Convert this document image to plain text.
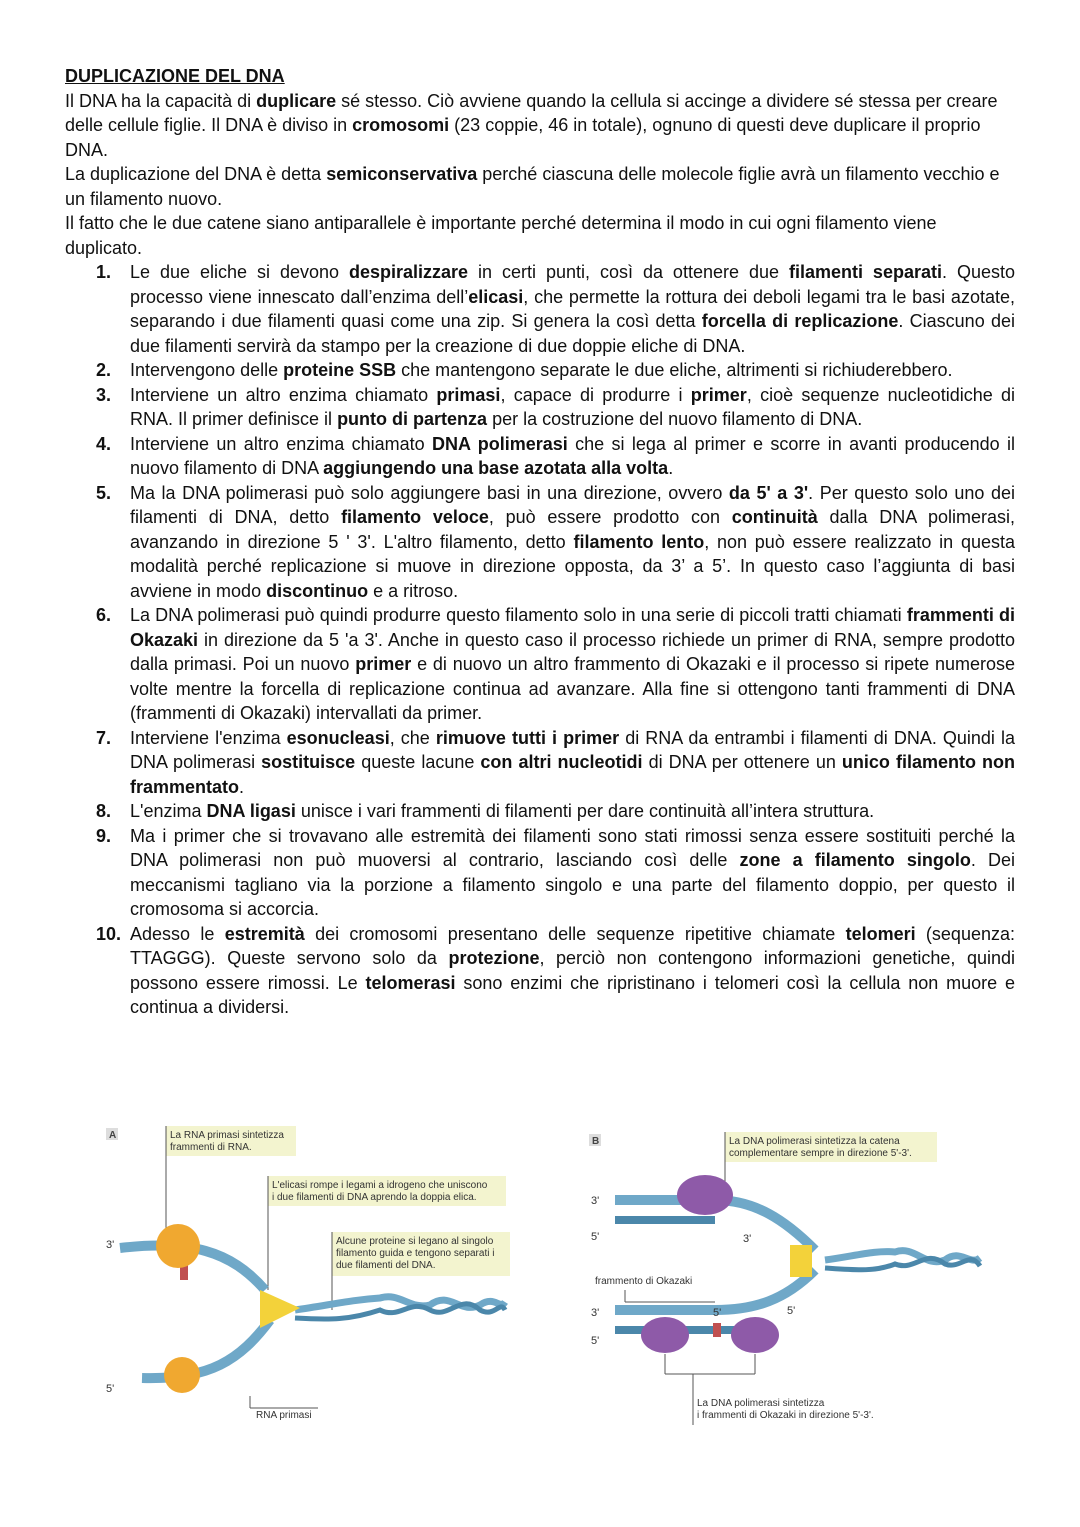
DUPLICAZIONE DEL DNA

Il DNA ha la capacità di duplicare sé stesso. Ciò avviene quando la cellula si accinge a dividere sé stessa per creare delle cellule figlie. Il DNA è diviso in cromosomi (23 coppie, 46 in totale), ognuno di questi deve duplicare il proprio DNA.

La duplicazione del DNA è detta semiconservativa perché ciascuna delle molecole figlie avrà un filamento vecchio e un filamento nuovo.

Il fatto che le due catene siano antiparallele è importante perché determina il modo in cui ogni filamento viene duplicato.

1.	Le due eliche si devono despiralizzare in certi punti, così da ottenere due filamenti separati. Questo processo viene innescato dall’enzima dell’elicasi, che permette la rottura dei deboli legami tra le basi azotate, separando i due filamenti quasi come una zip. Si genera la così detta forcella di replicazione. Ciascuno dei due filamenti servirà da stampo per la creazione di due doppie eliche di DNA.
2.	Intervengono delle proteine SSB che mantengono separate le due eliche, altrimenti si richiuderebbero.
3.	Interviene un altro enzima chiamato primasi, capace di produrre i primer, cioè sequenze nucleotidiche di RNA. Il primer definisce il punto di partenza per la costruzione del nuovo filamento di DNA.
4.	Interviene un altro enzima chiamato DNA polimerasi che si lega al primer e scorre in avanti producendo il nuovo filamento di DNA aggiungendo una base azotata alla volta.
5.	Ma la DNA polimerasi può solo aggiungere basi in una direzione, ovvero da 5' a 3'. Per questo solo uno dei filamenti di DNA, detto filamento veloce, può essere prodotto con continuità dalla DNA polimerasi, avanzando in direzione 5 ' 3'. L'altro filamento, detto filamento lento, non può essere realizzato in questa modalità perché replicazione si muove in direzione opposta, da 3’ a 5’. In questo caso l’aggiunta di basi avviene in modo discontinuo e a ritroso.
6.	La DNA polimerasi può quindi produrre questo filamento solo in una serie di piccoli tratti chiamati frammenti di Okazaki in direzione da 5 'a 3'. Anche in questo caso il processo richiede un primer di RNA, sempre prodotto dalla primasi. Poi un nuovo primer e di nuovo un altro frammento di Okazaki e il processo si ripete numerose volte mentre la forcella di replicazione continua ad avanzare. Alla fine si ottengono tanti frammenti di DNA (frammenti di Okazaki) intervallati da primer.
7.	Interviene l'enzima esonucleasi, che rimuove tutti i primer di RNA da entrambi i filamenti di DNA. Quindi la DNA polimerasi sostituisce queste lacune con altri nucleotidi di DNA per ottenere un unico filamento non frammentato.
8.	L'enzima DNA ligasi unisce i vari frammenti di filamenti per dare continuità all’intera struttura.
9.	Ma i primer che si trovavano alle estremità dei filamenti sono stati rimossi senza essere sostituiti perché la DNA polimerasi non può muoversi al contrario, lasciando così delle zone a filamento singolo. Dei meccanismi tagliano via la porzione a filamento singolo e una parte del filamento doppio, per questo il cromosoma si accorcia.
10. Adesso le estremità dei cromosomi presentano delle sequenze ripetitive chiamate telomeri (sequenza: TTAGGG). Queste servono solo da protezione, perciò non contengono informazioni genetiche, quindi possono essere rimossi. Le telomerasi sono enzimi che ripristinano i telomeri così la cellula non muore e continua a dividersi.
A	La RNA primasi sintetizza
frammenti di RNA.
L'elicasi rompe i legami a idrogeno che uniscono
i due filamenti di DNA aprendo la doppia elica.
Alcune proteine si legano al singolo
filamento guida e tengono separati i
due filamenti del DNA.
3'
5'
RNA primasi
B	La DNA polimerasi sintetizza la catena
complementare sempre in direzione 5'-3'.
3'
5'
3'
5'
3'
5'	5'
frammento di Okazaki
La DNA polimerasi sintetizza
i frammenti di Okazaki in direzione 5'-3'.
